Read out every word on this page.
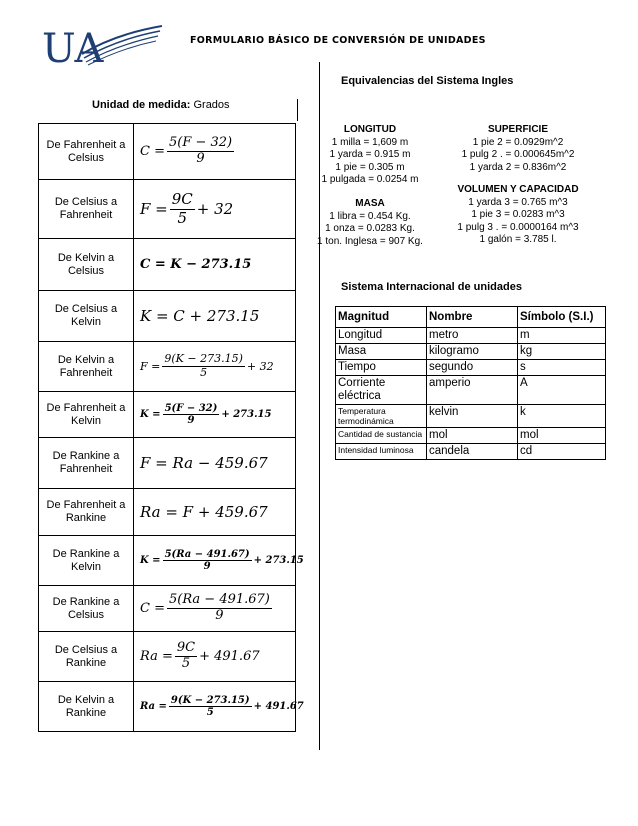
UA	FORMULARIO BÁSICO DE CONVERSIÓN DE UNIDADES
Unidad de medida: Grados
De Fahrenheit a Celsius	$C = \frac{5(F - 32)}{9}$

De Celsius a Fahrenheit	$F = \frac{9C}{5} + 32$

De Kelvin a Celsius	C = K − 273.15
De Celsius a Kelvin	K = C + 273.15
De Kelvin a Fahrenheit	$F = \frac{9(K - 273.15)}{5} + 32$

De Fahrenheit a Kelvin	$K = \frac{5(F - 32)}{9} + 273.15$

De Rankine a Fahrenheit	F = Ra − 459.67
De Fahrenheit a Rankine	Ra = F + 459.67
De Rankine a Kelvin	$K = \frac{5(Ra - 491.67)}{9} + 273.15$

De Rankine a Celsius	$C = \frac{5(Ra - 491.67)}{9}$

De Celsius a Rankine	$Ra = \frac{9C}{5} + 491.67$

De Kelvin a Rankine	$Ra = \frac{9(K - 273.15)}{5} + 491.67$
Equivalencias del Sistema Ingles
LONGITUD
1 milla = 1,609 m
1 yarda = 0.915 m
1 pie = 0.305 m
1 pulgada = 0.0254 m
MASA
1 libra = 0.454 Kg.
1 onza = 0.0283 Kg.
1 ton. Inglesa = 907 Kg.
SUPERFICIE
1 pie 2 = 0.0929m^2
1 pulg 2 . = 0.000645m^2
1 yarda 2 = 0.836m^2
VOLUMEN Y CAPACIDAD
1 yarda 3 = 0.765 m^3
1 pie 3 = 0.0283 m^3
1 pulg 3 . = 0.0000164 m^3
1 galón = 3.785 l.
Sistema Internacional de unidades
Magnitud	Nombre	Símbolo (S.I.)
Longitud	metro	m
Masa	kilogramo	kg
Tiempo	segundo	s
Corriente eléctrica	amperio	A
Temperatura termodinámica	kelvin	k
Cantidad de sustancia	mol	mol
Intensidad luminosa	candela	cd
